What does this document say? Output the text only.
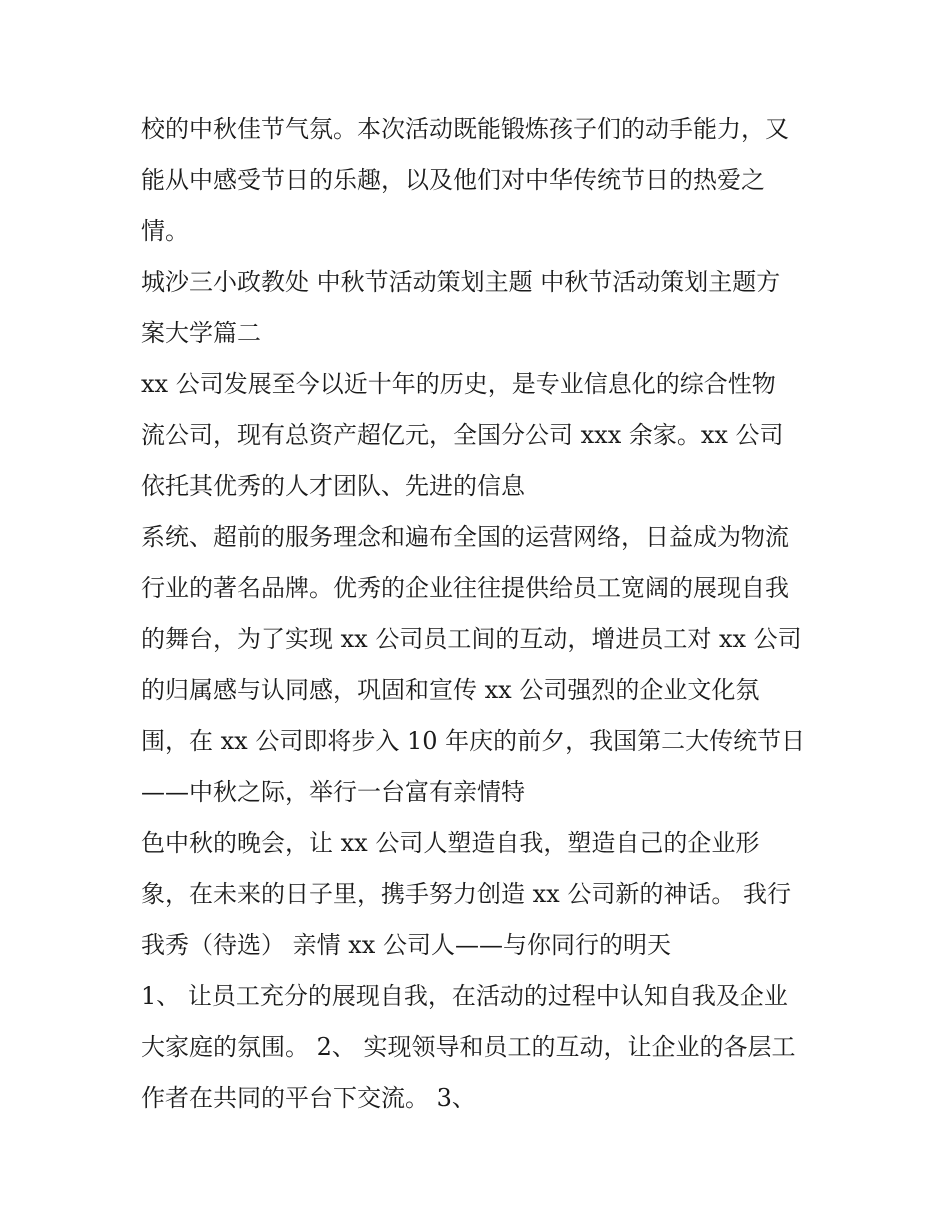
校的中秋佳节气氛。本次活动既能锻炼孩子们的动手能力，又
能从中感受节日的乐趣，以及他们对中华传统节日的热爱之
情。
城沙三小政教处 中秋节活动策划主题 中秋节活动策划主题方
案大学篇二
xx 公司发展至今以近十年的历史，是专业信息化的综合性物
流公司，现有总资产超亿元，全国分公司 xxx 余家。xx 公司
依托其优秀的人才团队、先进的信息
系统、超前的服务理念和遍布全国的运营网络，日益成为物流
行业的著名品牌。优秀的企业往往提供给员工宽阔的展现自我
的舞台，为了实现 xx 公司员工间的互动，增进员工对 xx 公司
的归属感与认同感，巩固和宣传 xx 公司强烈的企业文化氛
围，在 xx 公司即将步入 10 年庆的前夕，我国第二大传统节日
——中秋之际，举行一台富有亲情特
色中秋的晚会，让 xx 公司人塑造自我，塑造自己的企业形
象，在未来的日子里，携手努力创造 xx 公司新的神话。 我行
我秀（待选） 亲情 xx 公司人——与你同行的明天
1、 让员工充分的展现自我，在活动的过程中认知自我及企业
大家庭的氛围。 2、 实现领导和员工的互动，让企业的各层工
作者在共同的平台下交流。 3、
